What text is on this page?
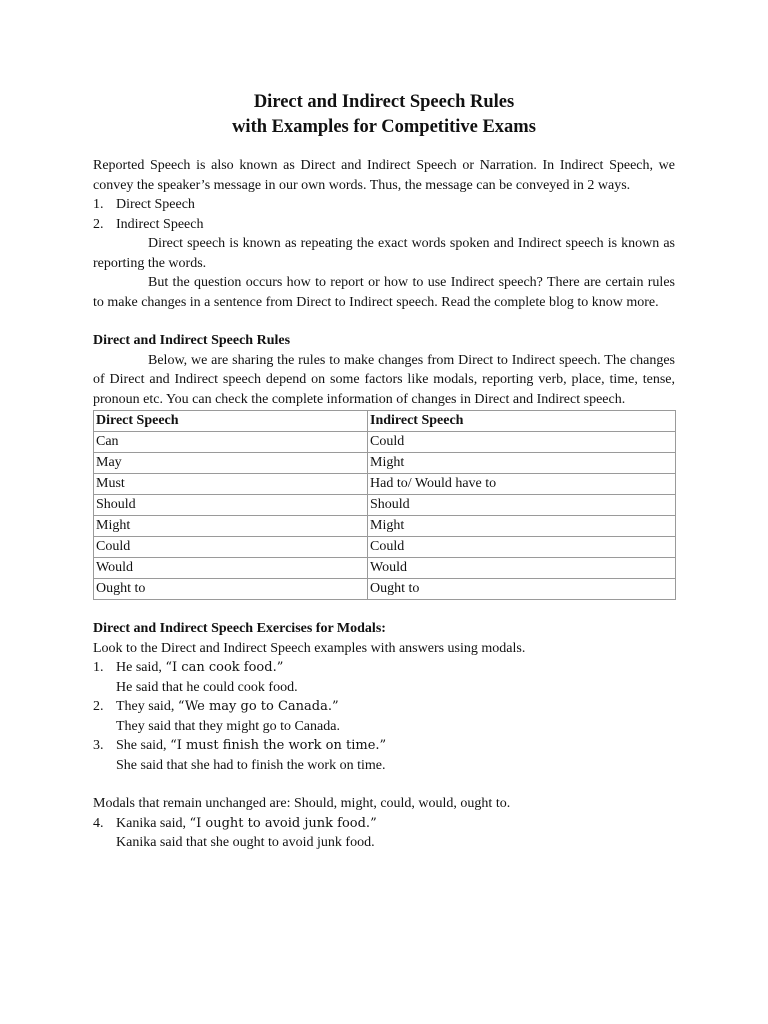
Direct and Indirect Speech Rules
with Examples for Competitive Exams

Reported Speech is also known as Direct and Indirect Speech or Narration. In Indirect Speech, we convey the speaker’s message in our own words. Thus, the message can be conveyed in 2 ways.

1. Direct Speech
2. Indirect Speech

Direct speech is known as repeating the exact words spoken and Indirect speech is known as reporting the words.

But the question occurs how to report or how to use Indirect speech? There are certain rules to make changes in a sentence from Direct to Indirect speech. Read the complete blog to know more.

Direct and Indirect Speech Rules

Below, we are sharing the rules to make changes from Direct to Indirect speech. The changes of Direct and Indirect speech depend on some factors like modals, reporting verb, place, time, tense, pronoun etc. You can check the complete information of changes in Direct and Indirect speech.

Direct Speech	Indirect Speech
Can	Could
May	Might
Must	Had to/ Would have to
Should	Should
Might	Might
Could	Could
Would	Would
Ought to	Ought to

Direct and Indirect Speech Exercises for Modals:

Look to the Direct and Indirect Speech examples with answers using modals.

1. He said, “I can cook food.”
He said that he could cook food.
2. They said, “We may go to Canada.”
They said that they might go to Canada.
3. She said, “I must finish the work on time.”
She said that she had to finish the work on time.

Modals that remain unchanged are: Should, might, could, would, ought to.

4. Kanika said, “I ought to avoid junk food.”
Kanika said that she ought to avoid junk food.
